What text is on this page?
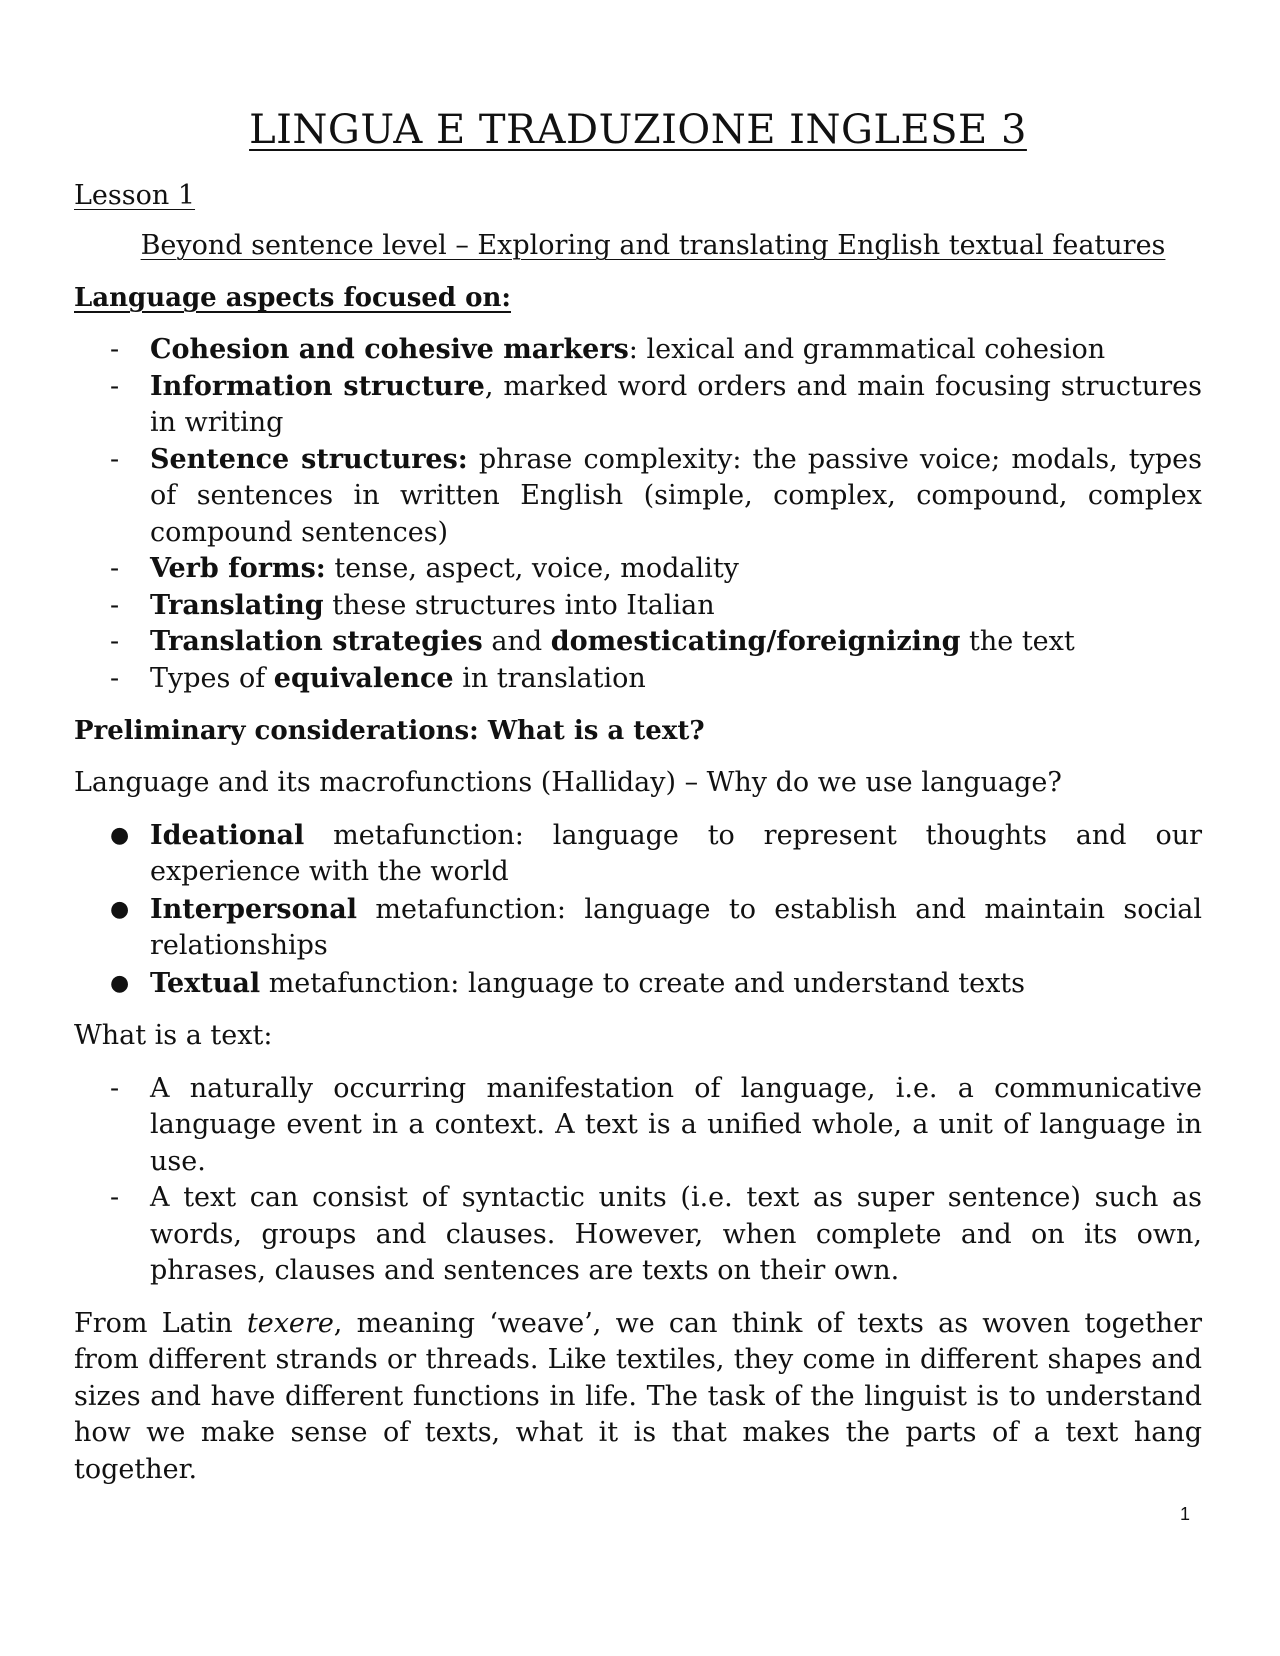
LINGUA E TRADUZIONE INGLESE 3

Lesson 1

Beyond sentence level – Exploring and translating English textual features

Language aspects focused on:

- Cohesion and cohesive markers: lexical and grammatical cohesion
- Information structure, marked word orders and main focusing structures in writing
- Sentence structures: phrase complexity: the passive voice; modals, types of sentences in written English (simple, complex, compound, complex compound sentences)
- Verb forms: tense, aspect, voice, modality
- Translating these structures into Italian
- Translation strategies and domesticating/foreignizing the text
- Types of equivalence in translation

Preliminary considerations: What is a text?

Language and its macrofunctions (Halliday) – Why do we use language?

● Ideational metafunction: language to represent thoughts and our experience with the world
● Interpersonal metafunction: language to establish and maintain social relationships
● Textual metafunction: language to create and understand texts

What is a text:

- A naturally occurring manifestation of language, i.e. a communicative language event in a context. A text is a unified whole, a unit of language in use.
- A text can consist of syntactic units (i.e. text as super sentence) such as words, groups and clauses. However, when complete and on its own, phrases, clauses and sentences are texts on their own.

From Latin texere, meaning ‘weave’, we can think of texts as woven together from different strands or threads. Like textiles, they come in different shapes and sizes and have different functions in life. The task of the linguist is to understand how we make sense of texts, what it is that makes the parts of a text hang together.

1
